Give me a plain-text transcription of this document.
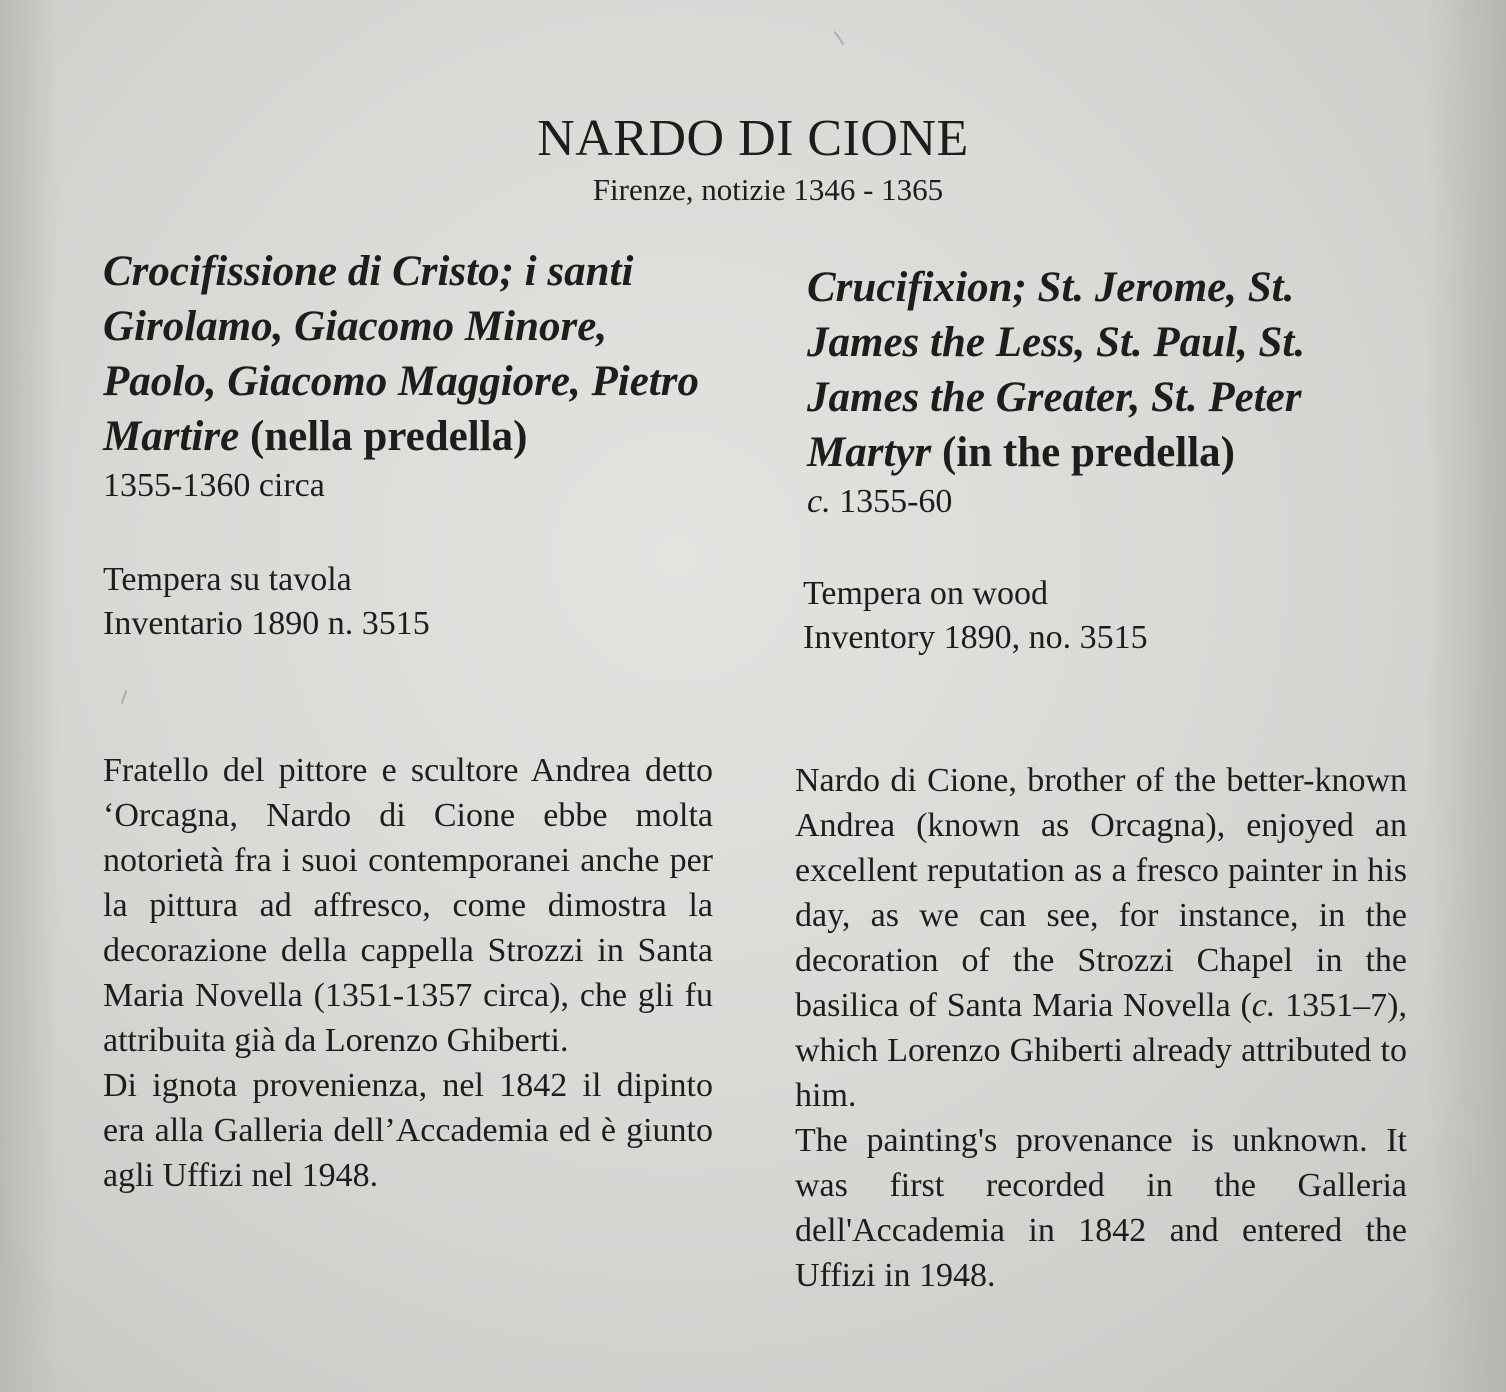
NARDO DI CIONE
Firenze, notizie 1346 - 1365

Crocifissione di Cristo; i santi Girolamo, Giacomo Minore, Paolo, Giacomo Maggiore, Pietro Martire (nella predella)

1355-1360 circa

Tempera su tavola

Inventario 1890 n. 3515

Fratello del pittore e scultore Andrea detto ‘Orcagna, Nardo di Cione ebbe molta notorietà fra i suoi contemporanei anche per la pittura ad affresco, come dimostra la decorazione della cappella Strozzi in Santa Maria Novella (1351-1357 circa), che gli fu attribuita già da Lorenzo Ghiberti.

Di ignota provenienza, nel 1842 il dipinto era alla Galleria dell’Accademia ed è giunto agli Uffizi nel 1948.

Crucifixion; St. Jerome, St. James the Less, St. Paul, St. James the Greater, St. Peter Martyr (in the predella)

c. 1355-60

Tempera on wood

Inventory 1890, no. 3515

Nardo di Cione, brother of the better-known Andrea (known as Orcagna), enjoyed an excellent reputation as a fresco painter in his day, as we can see, for instance, in the decoration of the Strozzi Chapel in the basilica of Santa Maria Novella (c. 1351–7), which Lorenzo Ghiberti already attributed to him.

The painting's provenance is unknown. It was first recorded in the Galleria dell'Accademia in 1842 and entered the Uffizi in 1948.
